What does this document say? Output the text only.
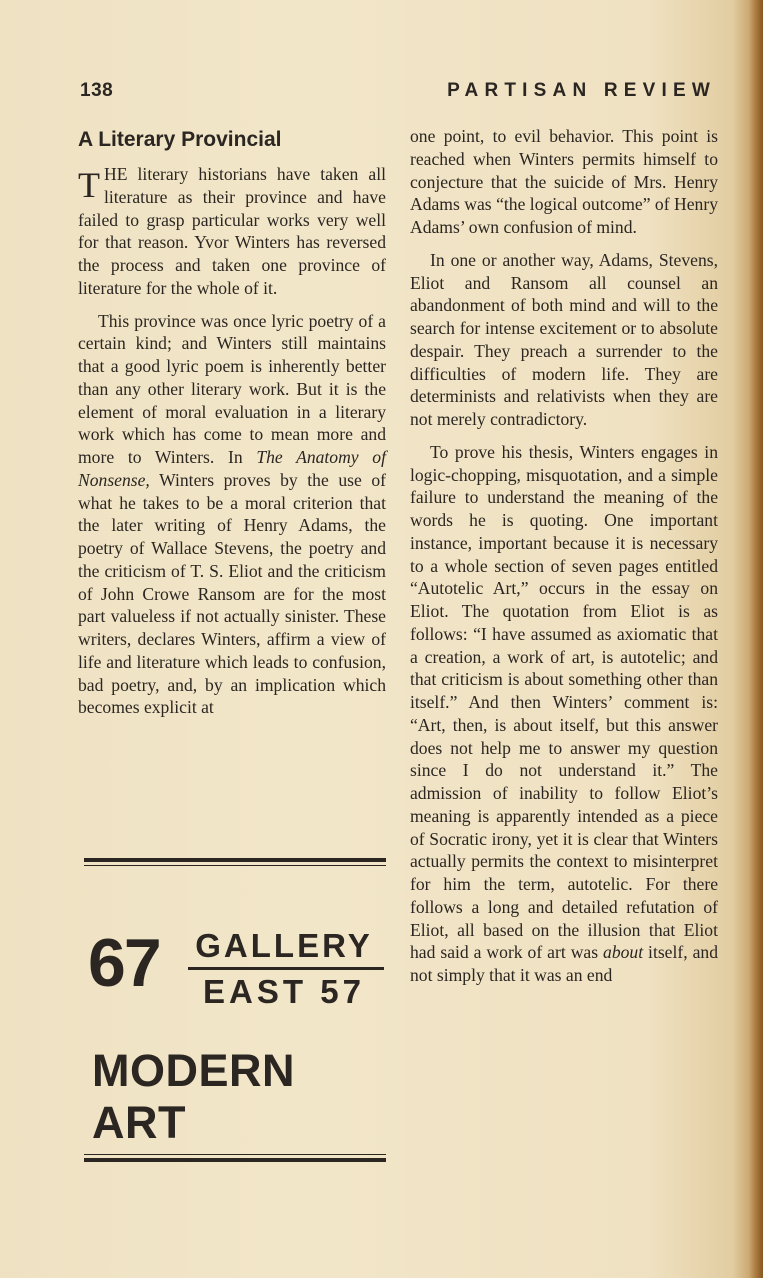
138	PARTISAN REVIEW
A Literary Provincial

THE literary historians have taken all literature as their province and have failed to grasp particular works very well for that reason. Yvor Winters has reversed the process and taken one province of literature for the whole of it.

This province was once lyric poetry of a certain kind; and Winters still maintains that a good lyric poem is inherently better than any other literary work. But it is the element of moral evaluation in a literary work which has come to mean more and more to Winters. In The Anatomy of Nonsense, Winters proves by the use of what he takes to be a moral criterion that the later writing of Henry Adams, the poetry of Wallace Stevens, the poetry and the criticism of T. S. Eliot and the criticism of John Crowe Ransom are for the most part valueless if not actually sinister. These writers, declares Winters, affirm a view of life and literature which leads to confusion, bad poetry, and, by an implication which becomes explicit at

67 GALLERY
EAST 57
MODERN ART

one point, to evil behavior. This point is reached when Winters permits himself to conjecture that the suicide of Mrs. Henry Adams was “the logical outcome” of Henry Adams’ own confusion of mind.

In one or another way, Adams, Stevens, Eliot and Ransom all counsel an abandonment of both mind and will to the search for intense excitement or to absolute despair. They preach a surrender to the difficulties of modern life. They are determinists and relativists when they are not merely contradictory.

To prove his thesis, Winters engages in logic-chopping, misquotation, and a simple failure to understand the meaning of the words he is quoting. One important instance, important because it is necessary to a whole section of seven pages entitled “Autotelic Art,” occurs in the essay on Eliot. The quotation from Eliot is as follows: “I have assumed as axiomatic that a creation, a work of art, is autotelic; and that criticism is about something other than itself.” And then Winters’ comment is: “Art, then, is about itself, but this answer does not help me to answer my question since I do not understand it.” The admission of inability to follow Eliot’s meaning is apparently intended as a piece of Socratic irony, yet it is clear that Winters actually permits the context to misinterpret for him the term, autotelic. For there follows a long and detailed refutation of Eliot, all based on the illusion that Eliot had said a work of art was about itself, and not simply that it was an end
